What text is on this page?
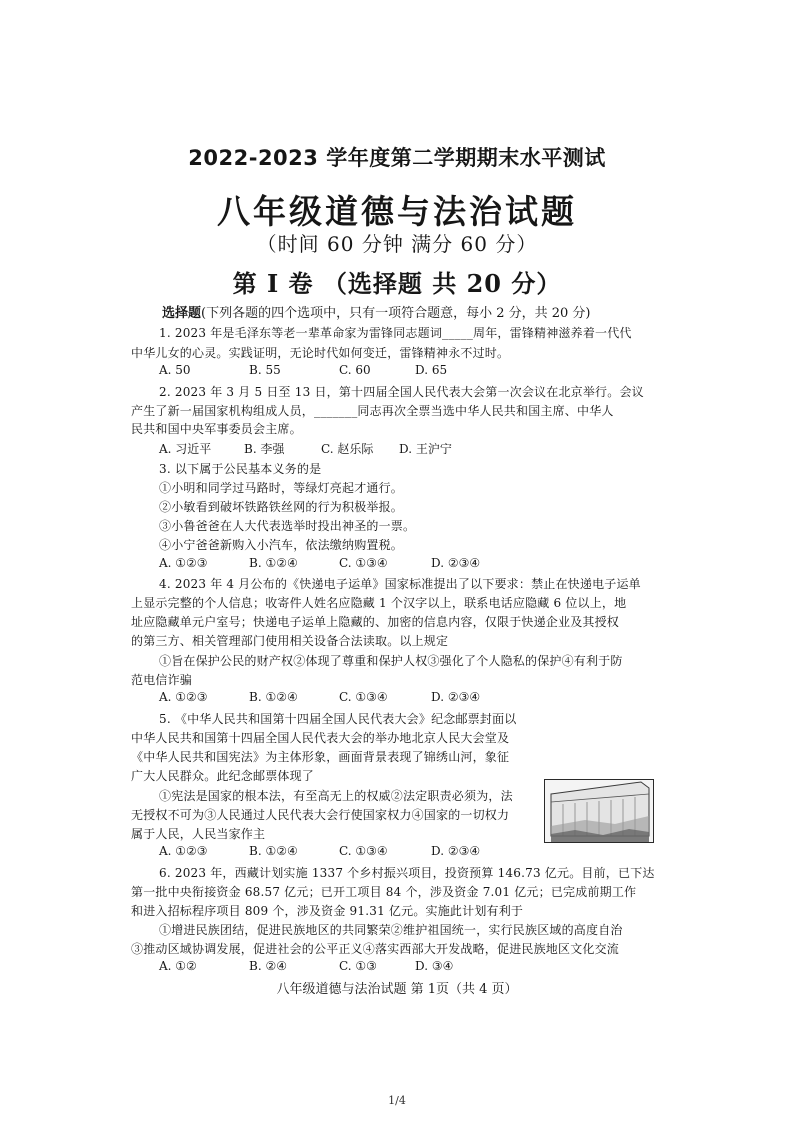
2022-2023 学年度第二学期期末水平测试
八年级道德与法治试题
（时间 60 分钟 满分 60 分）
第 I 卷 （选择题 共 20 分）
选择题(下列各题的四个选项中，只有一项符合题意，每小 2 分，共 20 分)
1. 2023 年是毛泽东等老一辈革命家为雷锋同志题词_____周年，雷锋精神滋养着一代代
中华儿女的心灵。实践证明，无论时代如何变迁，雷锋精神永不过时。
A. 50	B. 55	C. 60	D. 65
2. 2023 年 3 月 5 日至 13 日，第十四届全国人民代表大会第一次会议在北京举行。会议
产生了新一届国家机构组成人员，_______同志再次全票当选中华人民共和国主席、中华人
民共和国中央军事委员会主席。
A. 习近平	B. 李强	C. 赵乐际 D. 王沪宁
3. 以下属于公民基本义务的是
①小明和同学过马路时，等绿灯亮起才通行。
②小敏看到破坏铁路铁丝网的行为积极举报。
③小鲁爸爸在人大代表选举时投出神圣的一票。
④小宁爸爸新购入小汽车，依法缴纳购置税。
A. ①②③	B. ①②④	C. ①③④	D. ②③④
4. 2023 年 4 月公布的《快递电子运单》国家标准提出了以下要求：禁止在快递电子运单
上显示完整的个人信息；收寄件人姓名应隐藏 1 个汉字以上，联系电话应隐藏 6 位以上，地
址应隐藏单元户室号；快递电子运单上隐藏的、加密的信息内容，仅限于快递企业及其授权
的第三方、相关管理部门使用相关设备合法读取。以上规定
①旨在保护公民的财产权②体现了尊重和保护人权③强化了个人隐私的保护④有利于防
范电信诈骗
A. ①②③	B. ①②④	C. ①③④	D. ②③④
5. 《中华人民共和国第十四届全国人民代表大会》纪念邮票封面以
中华人民共和国第十四届全国人民代表大会的举办地北京人民大会堂及
《中华人民共和国宪法》为主体形象，画面背景表现了锦绣山河，象征
广大人民群众。此纪念邮票体现了
①宪法是国家的根本法，有至高无上的权威②法定职责必须为，法
无授权不可为③人民通过人民代表大会行使国家权力④国家的一切权力
属于人民，人民当家作主
A. ①②③	B. ①②④	C. ①③④	D. ②③④
6. 2023 年，西藏计划实施 1337 个乡村振兴项目，投资预算 146.73 亿元。目前，已下达
第一批中央衔接资金 68.57 亿元；已开工项目 84 个，涉及资金 7.01 亿元；已完成前期工作
和进入招标程序项目 809 个，涉及资金 91.31 亿元。实施此计划有利于
①增进民族团结，促进民族地区的共同繁荣②维护祖国统一，实行民族区域的高度自治
③推动区域协调发展，促进社会的公平正义④落实西部大开发战略，促进民族地区文化交流
A. ①②	B. ②④	C. ①③	D. ③④
八年级道德与法治试题 第 1页（共 4 页）
1/4
